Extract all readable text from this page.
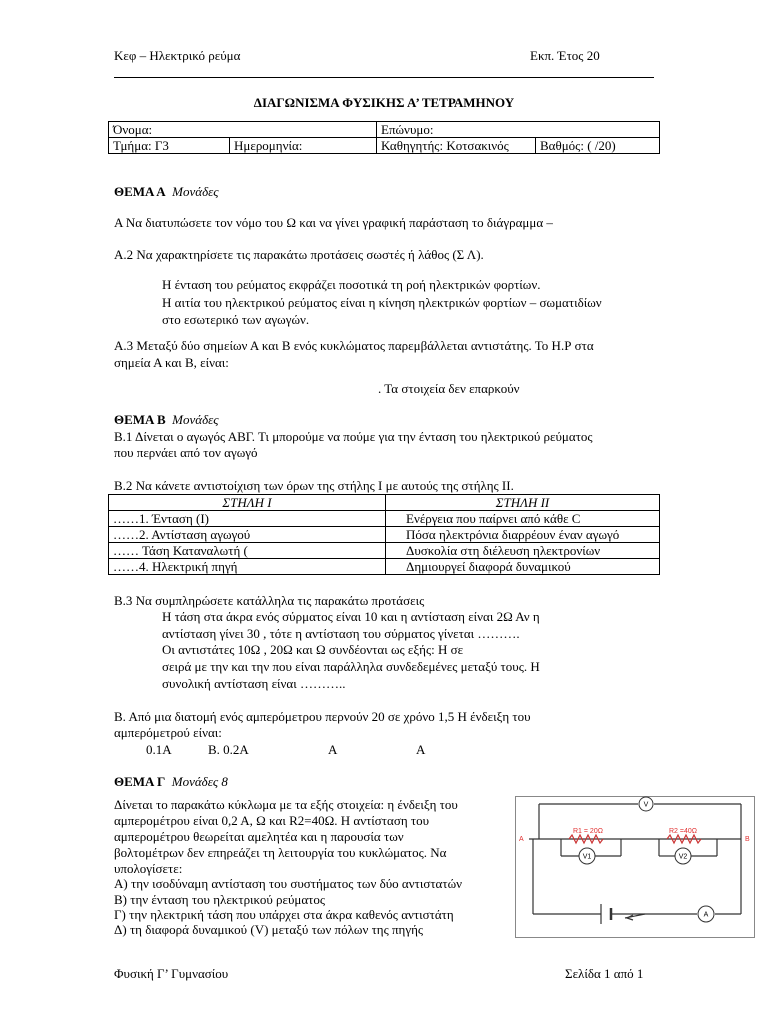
Κεφ – Ηλεκτρικό ρεύμα	Εκπ. Έτος 20
ΔΙΑΓΩΝΙΣΜΑ ΦΥΣΙΚΗΣ Α’ ΤΕΤΡΑΜΗΝΟΥ
Όνομα:		Επώνυμο:	
Τμήμα: Γ3	Ημερομηνία:	Καθηγητής: Κοτσακινός	Βαθμός: ( /20)
ΘΕΜΑ Α Μονάδες
Α Να διατυπώσετε τον νόμο του Ω και να γίνει γραφική παράσταση το διάγραμμα –
Α.2 Να χαρακτηρίσετε τις παρακάτω προτάσεις σωστές ή λάθος (Σ Λ).
Η ένταση του ρεύματος εκφράζει ποσοτικά τη ροή ηλεκτρικών φορτίων.
Η αιτία του ηλεκτρικού ρεύματος είναι η κίνηση ηλεκτρικών φορτίων – σωματιδίων
στο εσωτερικό των αγωγών.
Α.3 Μεταξύ δύο σημείων Α και Β ενός κυκλώματος παρεμβάλλεται αντιστάτης. Το Η.Ρ στα
σημεία Α και Β, είναι:
. Τα στοιχεία δεν επαρκούν
ΘΕΜΑ Β Μονάδες
Β.1 Δίνεται ο αγωγός ΑΒΓ. Τι μπορούμε να πούμε για την ένταση του ηλεκτρικού ρεύματος
που περνάει από τον αγωγό
Β.2 Να κάνετε αντιστοίχιση των όρων της στήλης Ι με αυτούς της στήλης ΙΙ.
ΣΤΗΛΗ Ι	ΣΤΗΛΗ ΙΙ
……1. Ένταση (Ι)	Ενέργεια που παίρνει από κάθε C
……2. Αντίσταση αγωγού	Πόσα ηλεκτρόνια διαρρέουν έναν αγωγό
…… Τάση Καταναλωτή (	Δυσκολία στη διέλευση ηλεκτρονίων
……4. Ηλεκτρική πηγή	Δημιουργεί διαφορά δυναμικού
Β.3 Να συμπληρώσετε κατάλληλα τις παρακάτω προτάσεις
Η τάση στα άκρα ενός σύρματος είναι 10 και η αντίσταση είναι 2Ω Αν η
αντίσταση γίνει 30 , τότε η αντίσταση του σύρματος γίνεται ……….
Οι αντιστάτες 10Ω , 20Ω και Ω συνδέονται ως εξής: Η σε
σειρά με την και την που είναι παράλληλα συνδεδεμένες μεταξύ τους. Η
συνολική αντίσταση είναι ………..
Β. Από μια διατομή ενός αμπερόμετρου περνούν 20 σε χρόνο 1,5 Η ένδειξη του
αμπερόμετρού είναι:
0.1Α	Β. 0.2Α	Α	Α
ΘΕΜΑ Γ Μονάδες 8
Δίνεται το παρακάτω κύκλωμα με τα εξής στοιχεία: η ένδειξη του
αμπερομέτρου είναι 0,2 Α, Ω και R2=40Ω. Η αντίσταση του
αμπερομέτρου θεωρείται αμελητέα και η παρουσία των
βολτομέτρων δεν επηρεάζει τη λειτουργία του κυκλώματος. Να
υπολογίσετε:
Α) την ισοδύναμη αντίσταση του συστήματος των δύο αντιστατών
Β) την ένταση του ηλεκτρικού ρεύματος
Γ) την ηλεκτρική τάση που υπάρχει στα άκρα καθενός αντιστάτη
Δ) τη διαφορά δυναμικού (V) μεταξύ των πόλων της πηγής
V
V1	V2
A
A	B
R1 = 20Ω	R2 =40Ω
Φυσική Γ’ Γυμνασίου	Σελίδα 1 από 1
